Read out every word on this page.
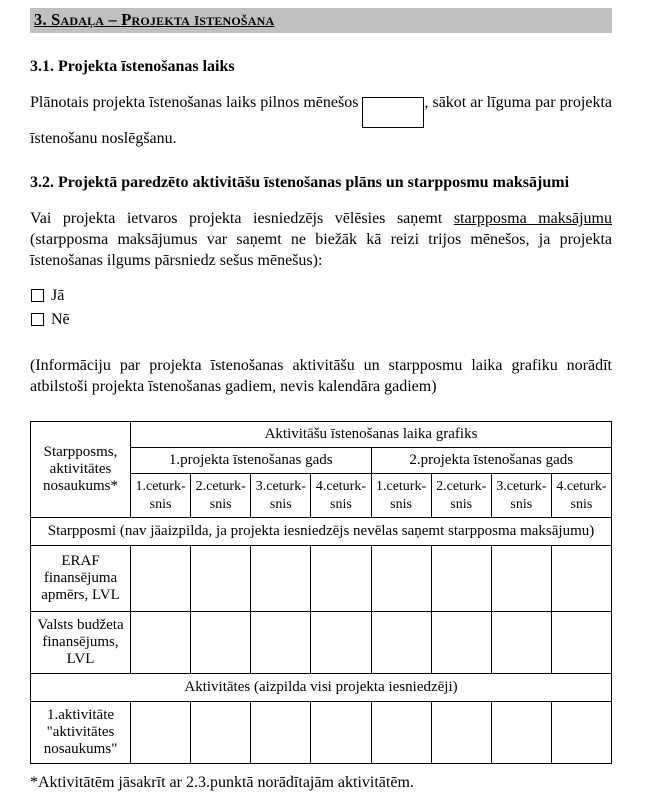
3. Sadaļa – Projekta īstenošana
3.1. Projekta īstenošanas laiks

Plānotais projekta īstenošanas laiks pilnos mēnešos	, sākot ar līguma par projekta īstenošanu noslēgšanu.

3.2. Projektā paredzēto aktivitāšu īstenošanas plāns un starpposmu maksājumi

Vai projekta ietvaros projekta iesniedzējs vēlēsies saņemt starpposma maksājumu (starpposma maksājumus var saņemt ne biežāk kā reizi trijos mēnešos, ja projekta īstenošanas ilgums pārsniedz sešus mēnešus):

Jā
Nē

(Informāciju par projekta īstenošanas aktivitāšu un starpposmu laika grafiku norādīt atbilstoši projekta īstenošanas gadiem, nevis kalendāra gadiem)

Starpposms, aktivitātes nosaukums*	Aktivitāšu īstenošanas laika grafiks							
	1.projekta īstenošanas gads				2.projekta īstenošanas gads			
	1.ceturk-snis	2.ceturk-snis	3.ceturk-snis	4.ceturk-snis	1.ceturk-snis	2.ceturk-snis	3.ceturk-snis	4.ceturk-snis
Starpposmi (nav jāaizpilda, ja projekta iesniedzējs nevēlas saņemt starpposma maksājumu)								
ERAF finansējuma apmērs, LVL								
Valsts budžeta finansējums, LVL								
Aktivitātes (aizpilda visi projekta iesniedzēji)								
1.aktivitāte "aktivitātes nosaukums"								

*Aktivitātēm jāsakrīt ar 2.3.punktā norādītajām aktivitātēm.
